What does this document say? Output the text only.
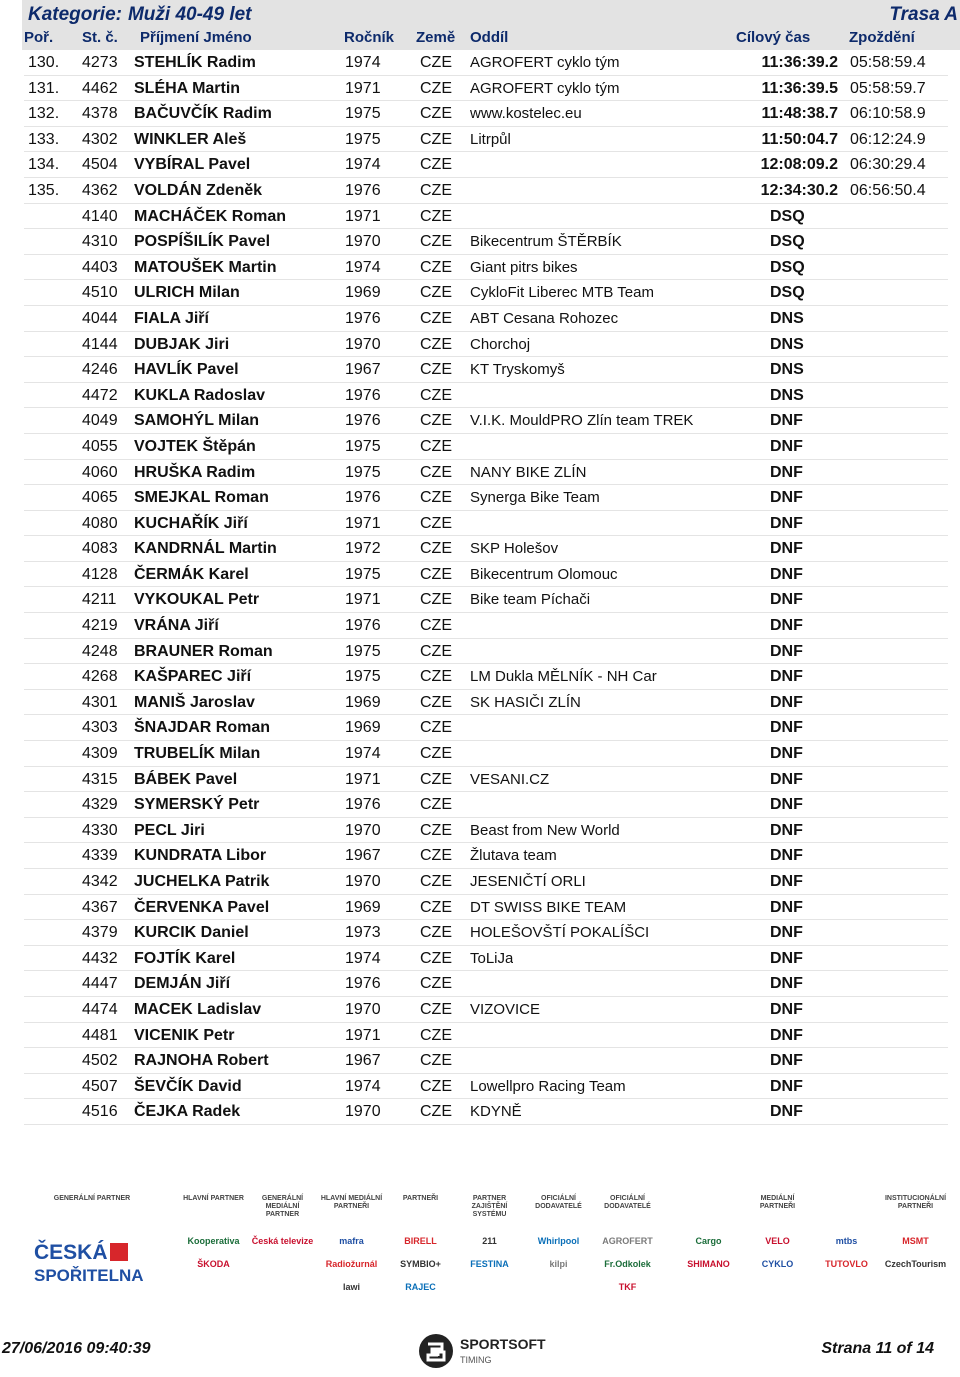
Kategorie: Muži 40-49 let	Trasa A
Poř. St. č. Příjmení Jméno	Ročník Země Oddíl	Cílový čas	Zpoždění
130. 4273 STEHLÍK Radim	1974 CZE AGROFERT cyklo tým	11:36:39.2 05:58:59.4
131. 4462 SLÉHA Martin	1971 CZE AGROFERT cyklo tým	11:36:39.5 05:58:59.7
132. 4378 BAČUVČÍK Radim	1975 CZE www.kostelec.eu	11:48:38.7 06:10:58.9
133. 4302 WINKLER Aleš	1975 CZE Litrpůl	11:50:04.7 06:12:24.9
134. 4504 VYBÍRAL Pavel	1974 CZE	12:08:09.2 06:30:29.4
135. 4362 VOLDÁN Zdeněk	1976 CZE	12:34:30.2 06:56:50.4
4140 MACHÁČEK Roman	1971 CZE	DSQ
4310 POSPÍŠILÍK Pavel	1970 CZE Bikecentrum ŠTĚRBÍK	DSQ
4403 MATOUŠEK Martin	1974 CZE Giant pitrs bikes	DSQ
4510 ULRICH Milan	1969 CZE CykloFit Liberec MTB Team	DSQ
4044 FIALA Jiří	1976 CZE ABT Cesana Rohozec	DNS
4144 DUBJAK Jiri	1970 CZE Chorchoj	DNS
4246 HAVLÍK Pavel	1967 CZE KT Tryskomyš	DNS
4472 KUKLA Radoslav	1976 CZE	DNS
4049 SAMOHÝL Milan	1976 CZE V.I.K. MouldPRO Zlín team TREK	DNF
4055 VOJTEK Štěpán	1975 CZE	DNF
4060 HRUŠKA Radim	1975 CZE NANY BIKE ZLÍN	DNF
4065 SMEJKAL Roman	1976 CZE Synerga Bike Team	DNF
4080 KUCHAŘÍK Jiří	1971 CZE	DNF
4083 KANDRNÁL Martin	1972 CZE SKP Holešov	DNF
4128 ČERMÁK Karel	1975 CZE Bikecentrum Olomouc	DNF
4211 VYKOUKAL Petr	1971 CZE Bike team Píchači	DNF
4219 VRÁNA Jiří	1976 CZE	DNF
4248 BRAUNER Roman	1975 CZE	DNF
4268 KAŠPAREC Jiří	1975 CZE LM Dukla MĚLNÍK - NH Car	DNF
4301 MANIŠ Jaroslav	1969 CZE SK HASIČI ZLÍN	DNF
4303 ŠNAJDAR Roman	1969 CZE	DNF
4309 TRUBELÍK Milan	1974 CZE	DNF
4315 BÁBEK Pavel	1971 CZE VESANI.CZ	DNF
4329 SYMERSKÝ Petr	1976 CZE	DNF
4330 PECL Jiri	1970 CZE Beast from New World	DNF
4339 KUNDRATA Libor	1967 CZE Žlutava team	DNF
4342 JUCHELKA Patrik	1970 CZE JESENIČTÍ ORLI	DNF
4367 ČERVENKA Pavel	1969 CZE DT SWISS BIKE TEAM	DNF
4379 KURCIK Daniel	1973 CZE HOLEŠOVŠTÍ POKALÍŠCI	DNF
4432 FOJTÍK Karel	1974 CZE ToLiJa	DNF
4447 DEMJÁN Jiří	1976 CZE	DNF
4474 MACEK Ladislav	1970 CZE VIZOVICE	DNF
4481 VICENIK Petr	1971 CZE	DNF
4502 RAJNOHA Robert	1967 CZE	DNF
4507 ŠEVČÍK David	1974 CZE Lowellpro Racing Team	DNF
4516 ČEJKA Radek	1970 CZE KDYNĚ	DNF
GENERÁLNÍ PARTNER
ČESKÁ
SPOŘITELNA
HLAVNÍ PARTNER
Kooperativa
ŠKODA
GENERÁLNÍ MEDIÁLNÍ PARTNER
Česká televize
HLAVNÍ MEDIÁLNÍ PARTNEŘI
mafra
Radiožurnál
lawi
PARTNEŘI
BIRELL
SYMBIO+
RAJEC
PARTNER ZAJIŠTĚNÍ SYSTÉMU
211
FESTINA
OFICIÁLNÍ DODAVATELÉ
Whirlpool
kilpi
OFICIÁLNÍ DODAVATELÉ
AGROFERT
Fr.Odkolek
TKF
Cargo
SHIMANO
MEDIÁLNÍ PARTNEŘI
VELO
CYKLO
mtbs
TUTOVLO
INSTITUCIONÁLNÍ PARTNEŘI
MSMT
CzechTourism
27/06/2016 09:40:39	SPORTSOFT
TIMING
Strana 11 of 14
